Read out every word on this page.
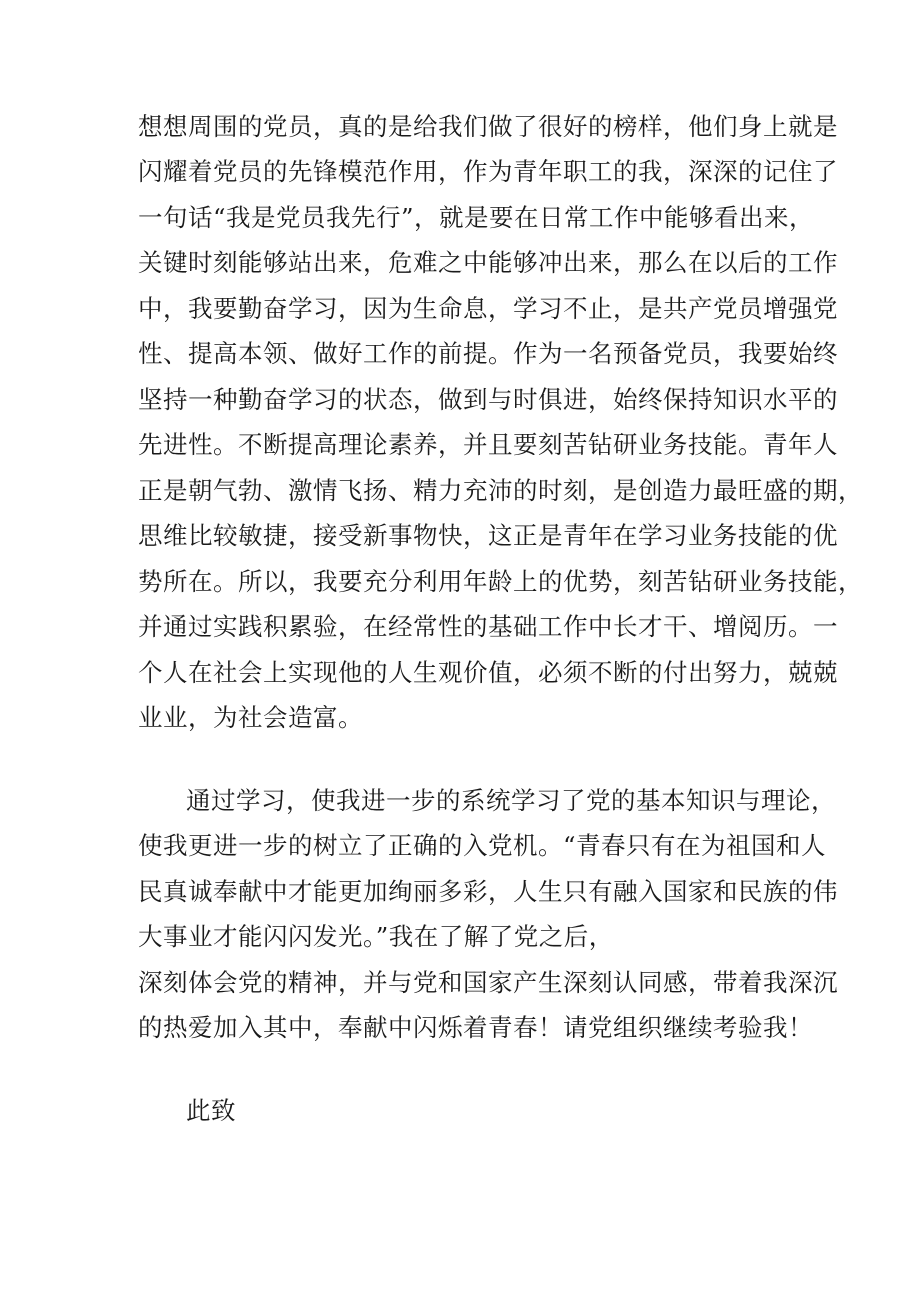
想想周围的党员，真的是给我们做了很好的榜样，他们身上就是
闪耀着党员的先锋模范作用，作为青年职工的我，深深的记住了
一句话“我是党员我先行”，就是要在日常工作中能够看出来，
关键时刻能够站出来，危难之中能够冲出来，那么在以后的工作
中，我要勤奋学习，因为生命息，学习不止，是共产党员增强党
性、提高本领、做好工作的前提。作为一名预备党员，我要始终
坚持一种勤奋学习的状态，做到与时俱进，始终保持知识水平的
先进性。不断提高理论素养，并且要刻苦钻研业务技能。青年人
正是朝气勃、激情飞扬、精力充沛的时刻，是创造力最旺盛的期，
思维比较敏捷，接受新事物快，这正是青年在学习业务技能的优
势所在。所以，我要充分利用年龄上的优势，刻苦钻研业务技能，
并通过实践积累验，在经常性的基础工作中长才干、增阅历。一
个人在社会上实现他的人生观价值，必须不断的付出努力，兢兢
业业，为社会造富。
通过学习，使我进一步的系统学习了党的基本知识与理论，
使我更进一步的树立了正确的入党机。“青春只有在为祖国和人
民真诚奉献中才能更加绚丽多彩，人生只有融入国家和民族的伟
大事业才能闪闪发光。”我在了解了党之后，
深刻体会党的精神，并与党和国家产生深刻认同感，带着我深沉
的热爱加入其中，奉献中闪烁着青春！请党组织继续考验我！
此致
